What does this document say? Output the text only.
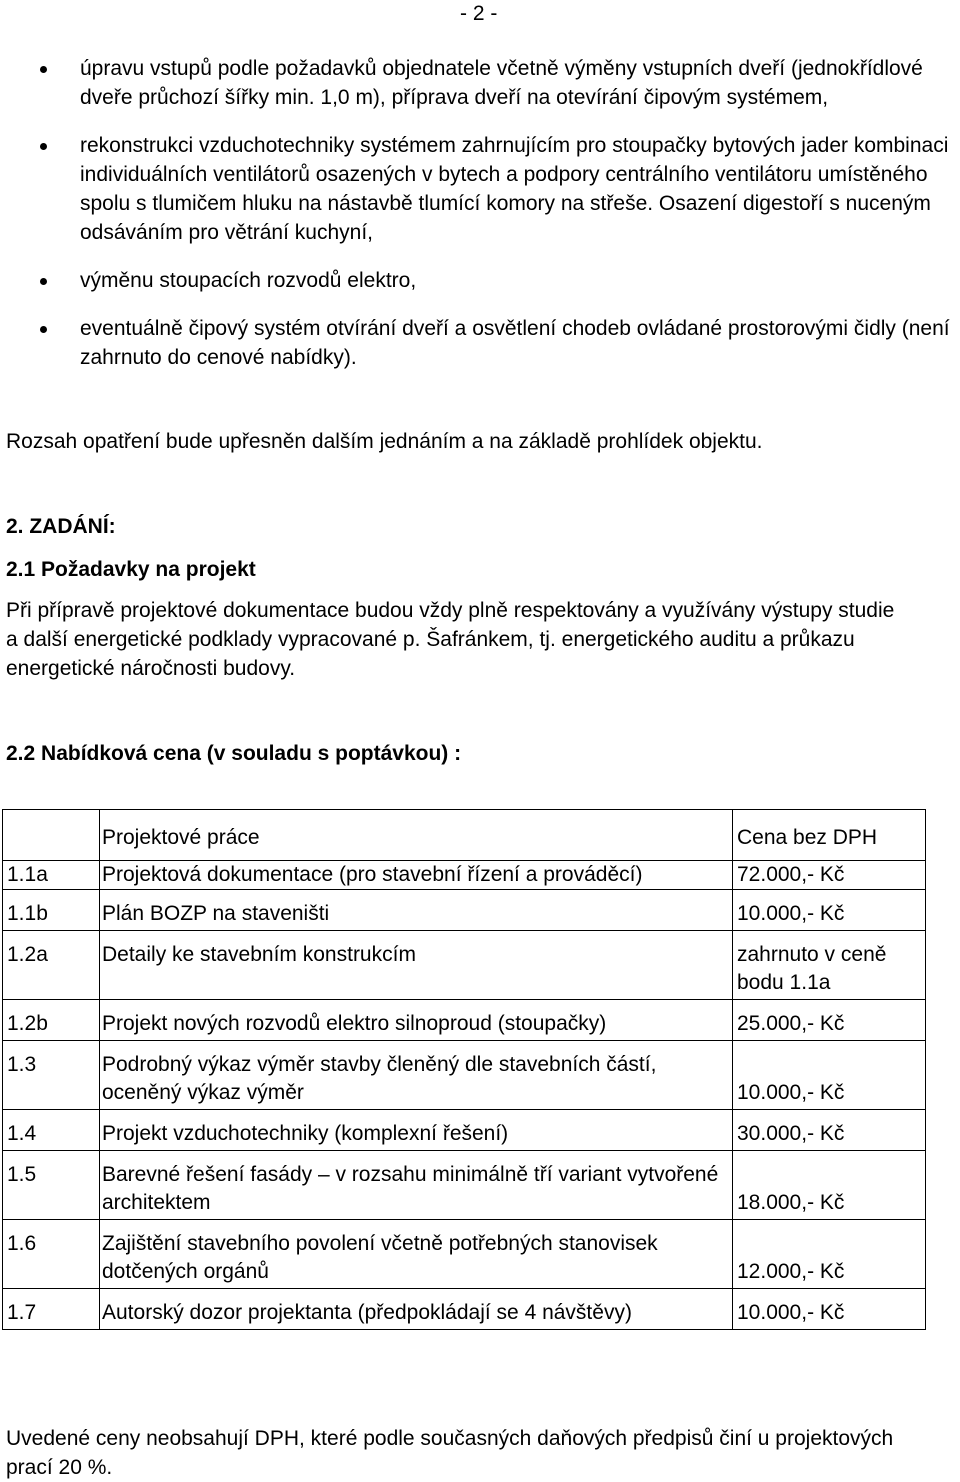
- 2 -
úpravu vstupů podle požadavků objednatele včetně výměny vstupních dveří (jednokřídlové dveře průchozí šířky min. 1,0 m), příprava dveří na otevírání čipovým systémem,
rekonstrukci vzduchotechniky systémem zahrnujícím pro stoupačky bytových jader kombinaci individuálních ventilátorů osazených v bytech a podpory centrálního ventilátoru umístěného spolu s tlumičem hluku na nástavbě tlumící komory na střeše. Osazení digestoří s nuceným odsáváním pro větrání kuchyní,
výměnu stoupacích rozvodů elektro,
eventuálně čipový systém otvírání dveří a osvětlení chodeb ovládané prostorovými čidly (není zahrnuto do cenové nabídky).

Rozsah opatření bude upřesněn dalším jednáním a na základě prohlídek objektu.

2. ZADÁNÍ:

2.1 Požadavky na projekt

Při přípravě projektové dokumentace budou vždy plně respektovány a využívány výstupy studie a další energetické podklady vypracované p. Šafránkem, tj. energetického auditu a průkazu energetické náročnosti budovy.

2.2 Nabídková cena (v souladu s poptávkou) :

	Projektové práce	Cena bez DPH
1.1a	Projektová dokumentace (pro stavební řízení a prováděcí)	72.000,- Kč
1.1b	Plán BOZP na staveništi	10.000,- Kč
1.2a	Detaily ke stavebním konstrukcím	zahrnuto v ceně bodu 1.1a
1.2b	Projekt nových rozvodů elektro silnoproud (stoupačky)	25.000,- Kč
1.3	Podrobný výkaz výměr stavby členěný dle stavebních částí, oceněný výkaz výměr	10.000,- Kč
1.4	Projekt vzduchotechniky (komplexní řešení)	30.000,- Kč
1.5	Barevné řešení fasády – v rozsahu minimálně tří variant vytvořené architektem	18.000,- Kč
1.6	Zajištění stavebního povolení včetně potřebných stanovisek dotčených orgánů	12.000,- Kč
1.7	Autorský dozor projektanta (předpokládají se 4 návštěvy)	10.000,- Kč

Uvedené ceny neobsahují DPH, které podle současných daňových předpisů činí u projektových prací 20 %.
